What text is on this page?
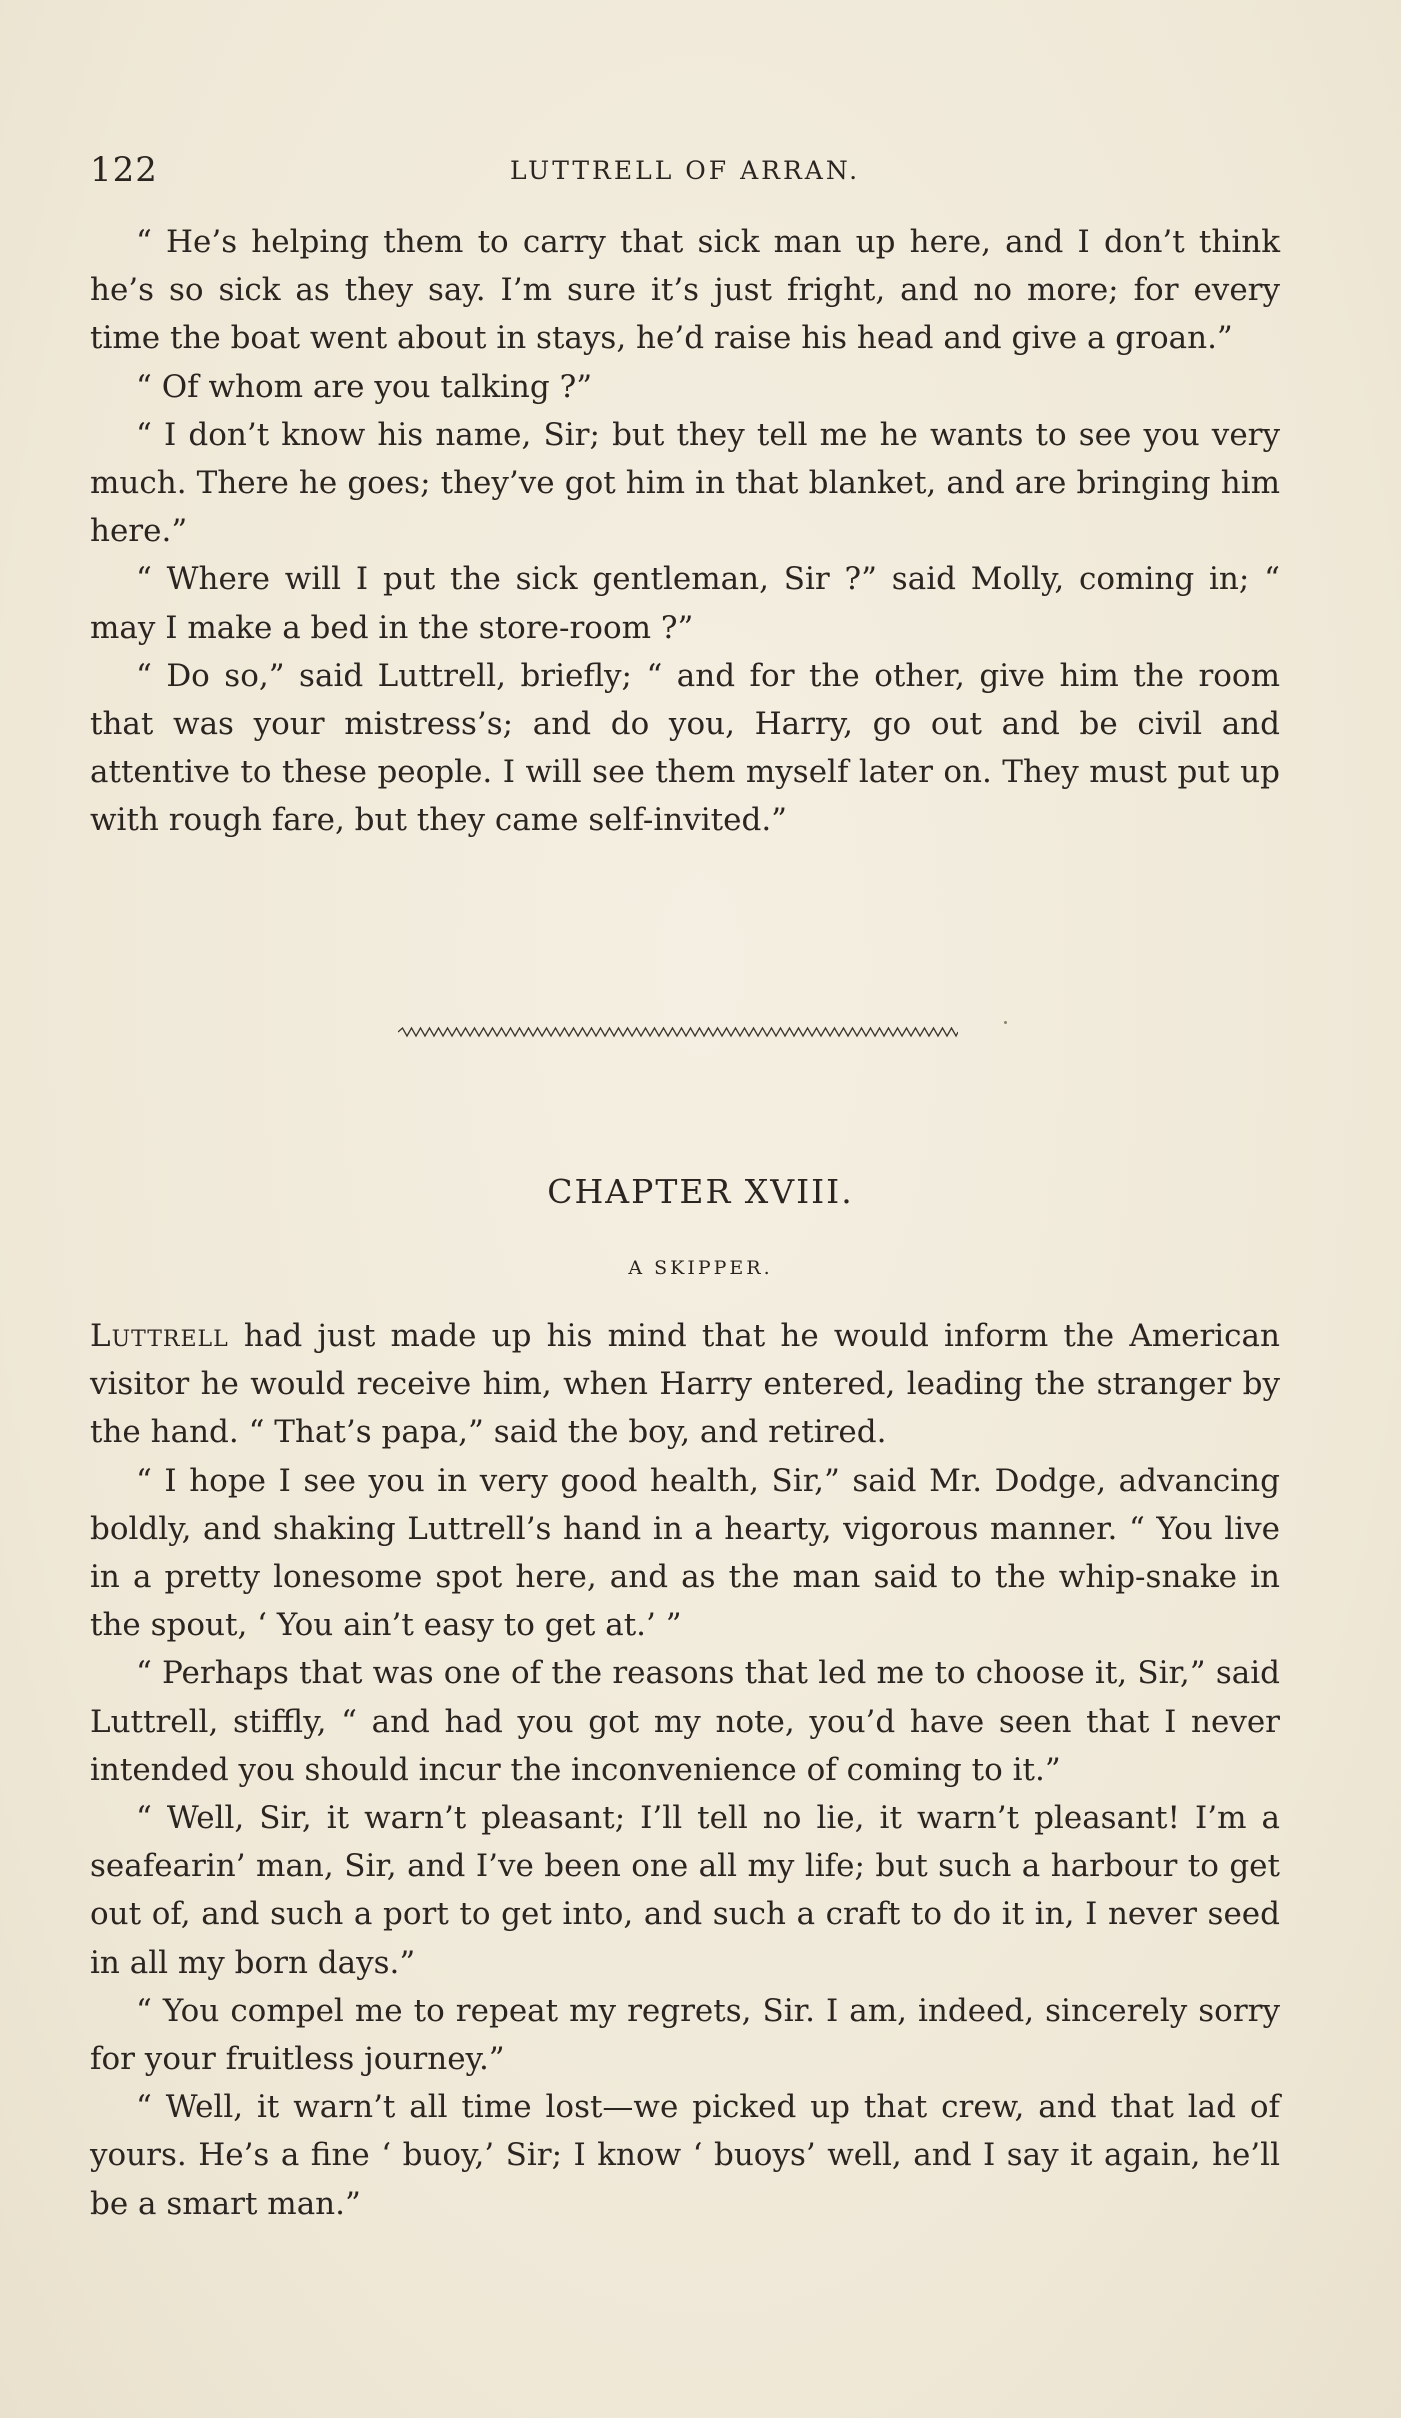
122	LUTTRELL OF ARRAN.

“ He’s helping them to carry that sick man up here, and I don’t think he’s so sick as they say. I’m sure it’s just fright, and no more; for every time the boat went about in stays, he’d raise his head and give a groan.”

“ Of whom are you talking ?”

“ I don’t know his name, Sir; but they tell me he wants to see you very much. There he goes; they’ve got him in that blanket, and are bringing him here.”

“ Where will I put the sick gentleman, Sir ?” said Molly, coming in; “ may I make a bed in the store-room ?”

“ Do so,” said Luttrell, briefly; “ and for the other, give him the room that was your mistress’s; and do you, Harry, go out and be civil and attentive to these people. I will see them myself later on. They must put up with rough fare, but they came self-invited.”

CHAPTER XVIII.
A SKIPPER.

Luttrell had just made up his mind that he would inform the American visitor he would receive him, when Harry entered, leading the stranger by the hand. “ That’s papa,” said the boy, and retired.

“ I hope I see you in very good health, Sir,” said Mr. Dodge, advancing boldly, and shaking Luttrell’s hand in a hearty, vigorous manner. “ You live in a pretty lonesome spot here, and as the man said to the whip-snake in the spout, ‘ You ain’t easy to get at.’ ”

“ Perhaps that was one of the reasons that led me to choose it, Sir,” said Luttrell, stiffly, “ and had you got my note, you’d have seen that I never intended you should incur the inconvenience of coming to it.”

“ Well, Sir, it warn’t pleasant; I’ll tell no lie, it warn’t pleasant! I’m a seafearin’ man, Sir, and I’ve been one all my life; but such a harbour to get out of, and such a port to get into, and such a craft to do it in, I never seed in all my born days.”

“ You compel me to repeat my regrets, Sir. I am, indeed, sincerely sorry for your fruitless journey.”

“ Well, it warn’t all time lost—we picked up that crew, and that lad of yours. He’s a fine ‘ buoy,’ Sir; I know ‘ buoys’ well, and I say it again, he’ll be a smart man.”
